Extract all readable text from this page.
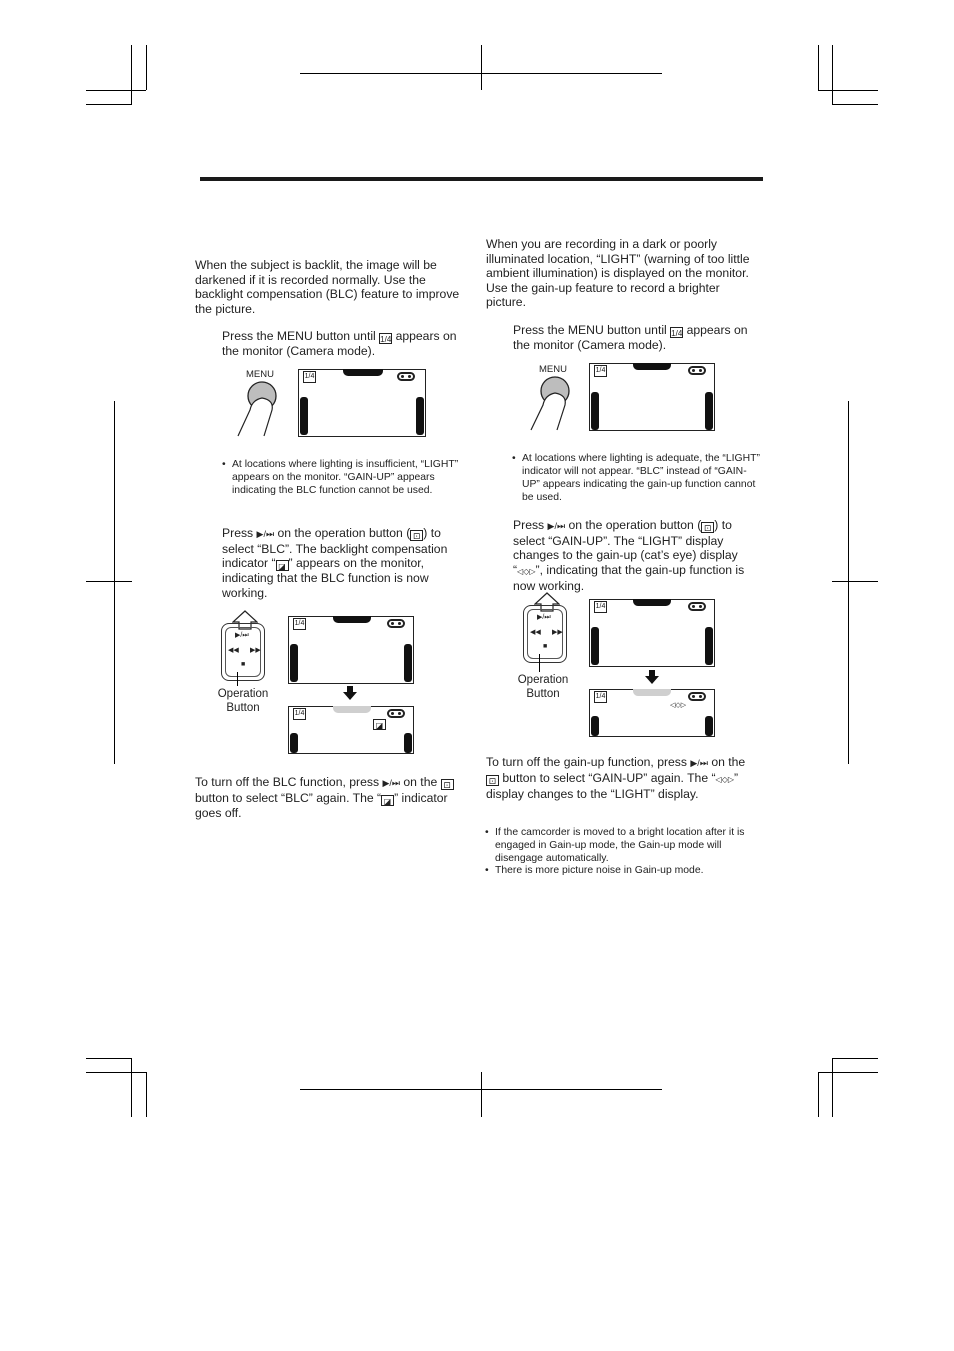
When the subject is backlit, the image will be darkened if it is recorded normally. Use the backlight compensation (BLC) feature to improve the picture.
Press the MENU button until 1/4 appears on the monitor (Camera mode).
MENU	1/4
• At locations where lighting is insufficient, “LIGHT” appears on the monitor. “GAIN-UP” appears indicating the BLC function cannot be used.
Press ▶/⏭ on the operation button ( ⚀ ) to select “BLC”. The backlight compensation indicator “ ◪ ” appears on the monitor, indicating that the BLC function is now working.
▶/⏭
◀◀ ▶▶
■
Operation Button
1/4
1/4
◪
To turn off the BLC function, press ▶/⏭ on the ⚀ button to select “BLC” again. The “ ◪ ” indicator goes off.
When you are recording in a dark or poorly illuminated location, “LIGHT” (warning of too little ambient illumination) is displayed on the monitor. Use the gain-up feature to record a brighter picture.
Press the MENU button until 1/4 appears on the monitor (Camera mode).
MENU	1/4
• At locations where lighting is adequate, the “LIGHT” indicator will not appear. “BLC” instead of “GAIN-UP” appears indicating the gain-up function cannot be used.
Press ▶/⏭ on the operation button ( ⚀ ) to select “GAIN-UP”. The “LIGHT” display changes to the gain-up (cat’s eye) display “◁◇▷”, indicating that the gain-up function is now working.
▶/⏭
◀◀ ▶▶
■
Operation Button
1/4
1/4
◁◇▷
To turn off the gain-up function, press ▶/⏭ on the ⚀ button to select “GAIN-UP” again. The “◁◇▷” display changes to the “LIGHT” display.
• If the camcorder is moved to a bright location after it is engaged in Gain-up mode, the Gain-up mode will disengage automatically.
• There is more picture noise in Gain-up mode.
